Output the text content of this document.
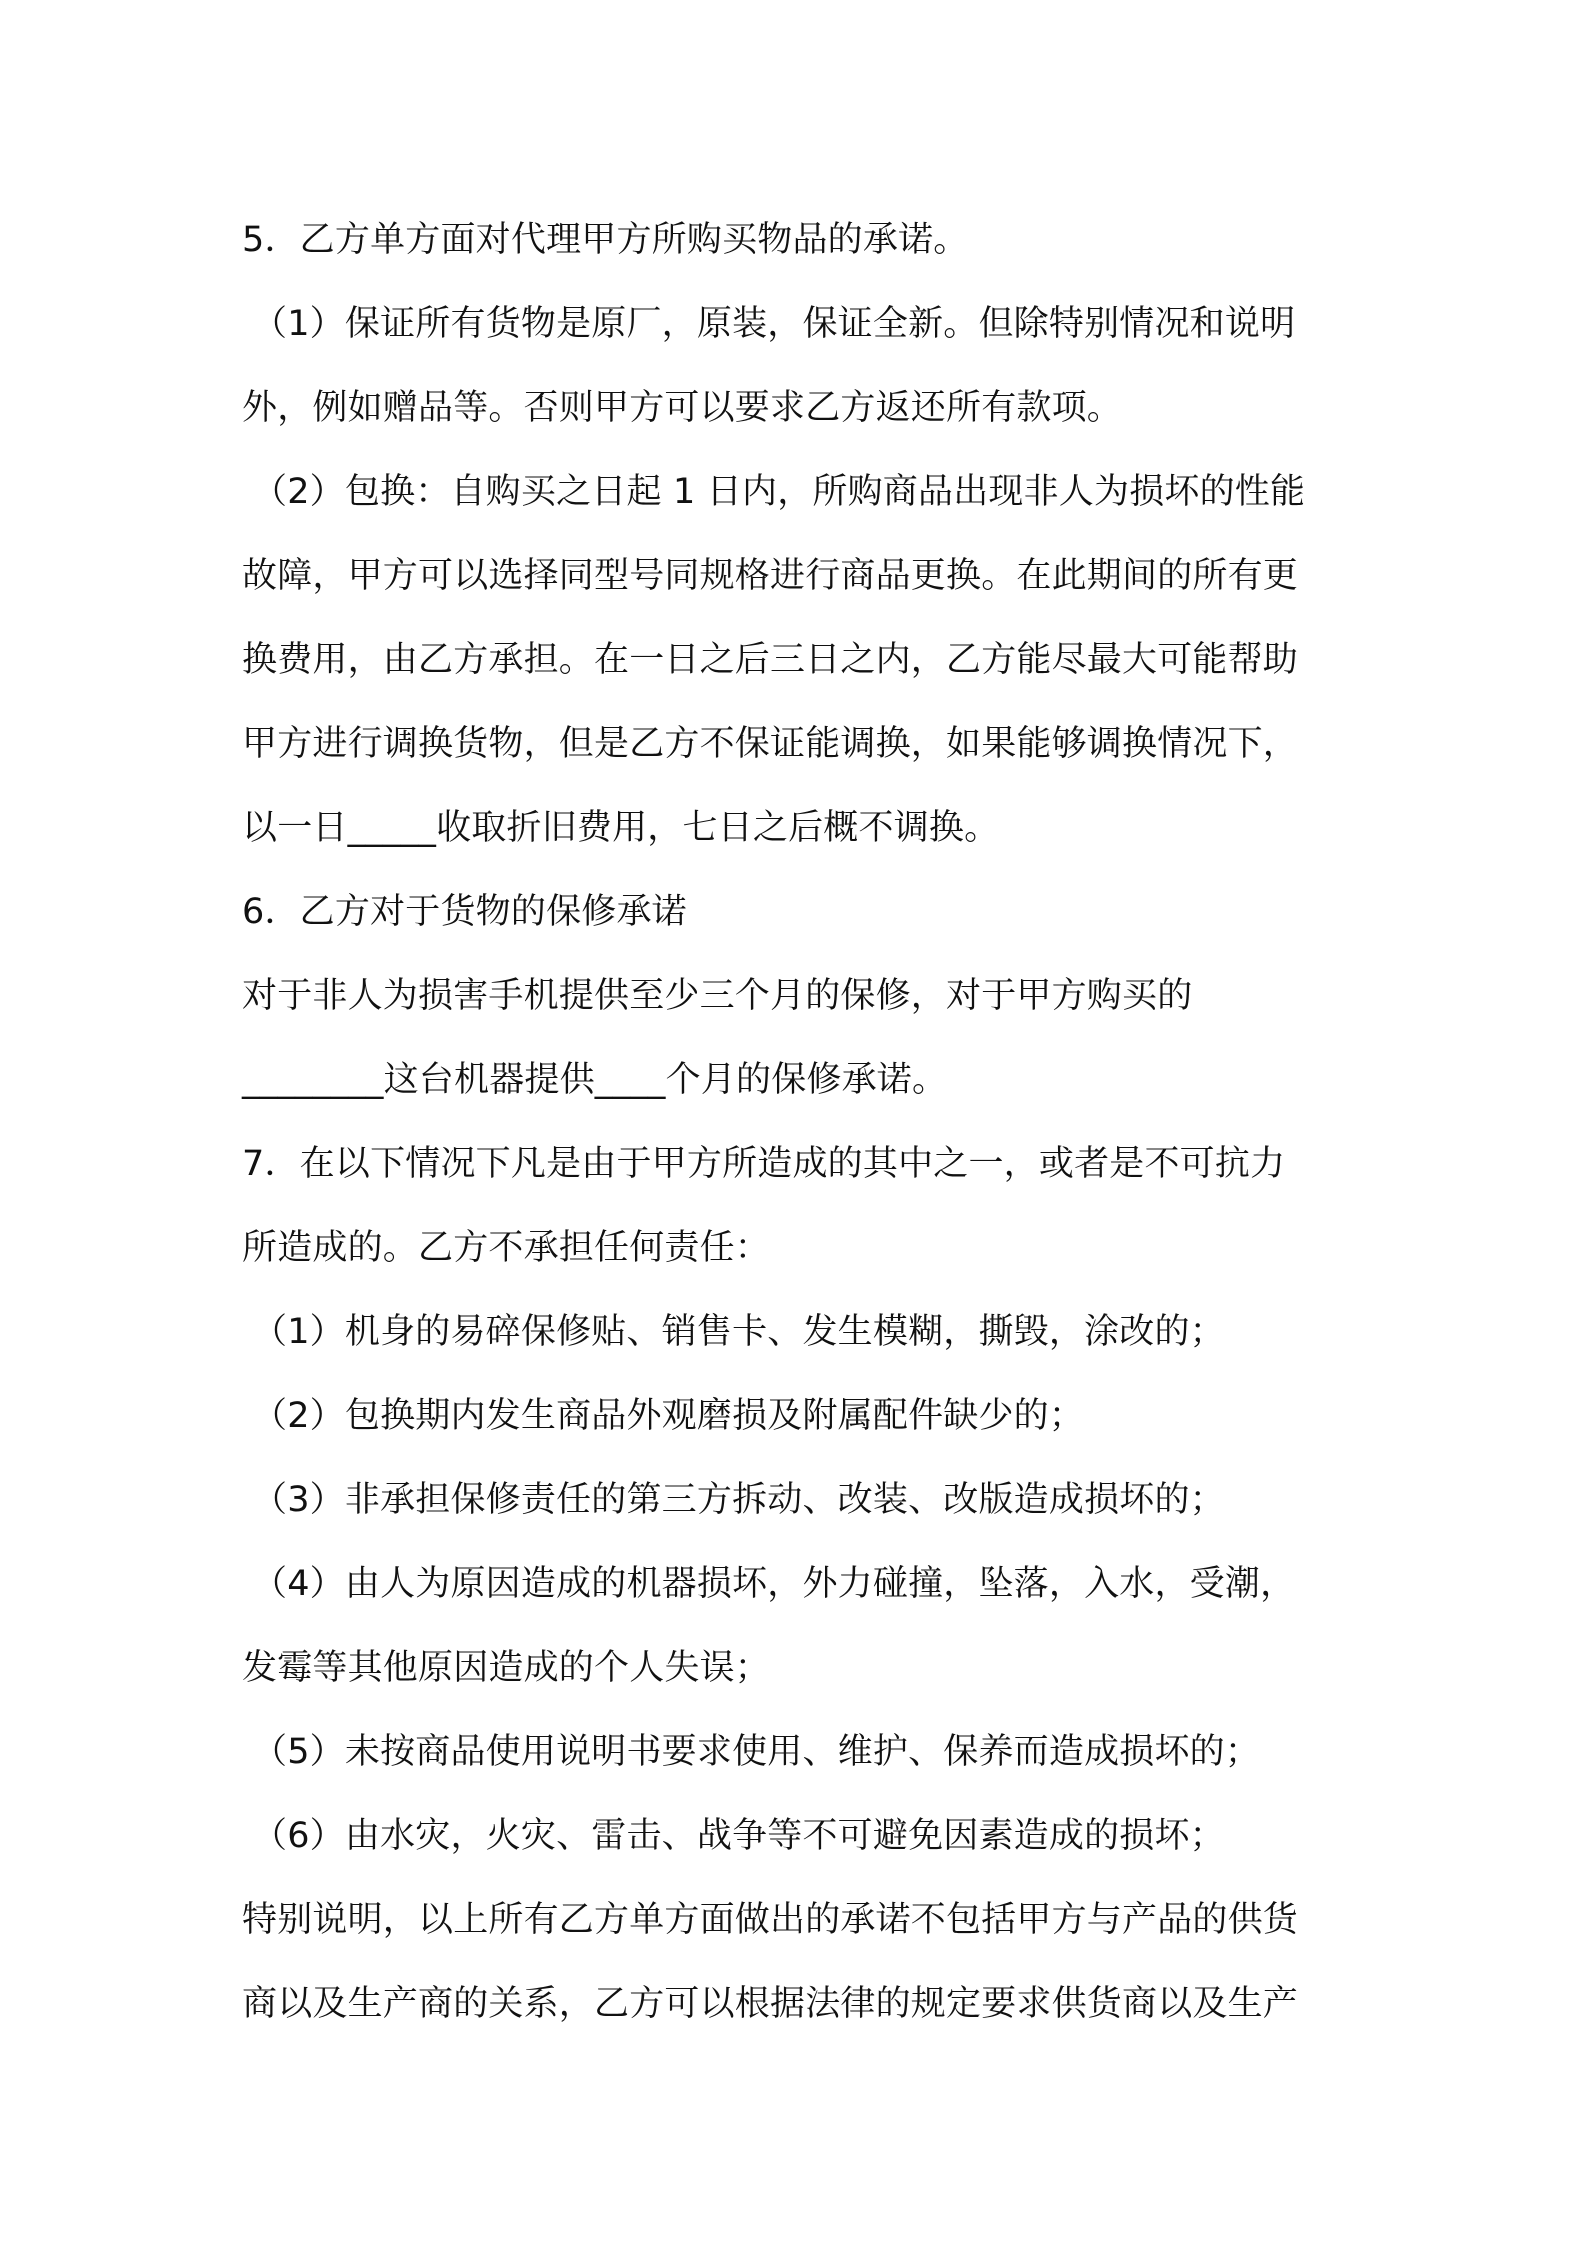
5．乙方单方面对代理甲方所购买物品的承诺。
（1）保证所有货物是原厂，原装，保证全新。但除特别情况和说明
外，例如赠品等。否则甲方可以要求乙方返还所有款项。
（2）包换：自购买之日起 1 日内，所购商品出现非人为损坏的性能
故障，甲方可以选择同型号同规格进行商品更换。在此期间的所有更
换费用，由乙方承担。在一日之后三日之内，乙方能尽最大可能帮助
甲方进行调换货物，但是乙方不保证能调换，如果能够调换情况下，
以一日_____收取折旧费用，七日之后概不调换。
6．乙方对于货物的保修承诺
对于非人为损害手机提供至少三个月的保修，对于甲方购买的
________这台机器提供____个月的保修承诺。
7．在以下情况下凡是由于甲方所造成的其中之一，或者是不可抗力
所造成的。乙方不承担任何责任：
（1）机身的易碎保修贴、销售卡、发生模糊，撕毁，涂改的；
（2）包换期内发生商品外观磨损及附属配件缺少的；
（3）非承担保修责任的第三方拆动、改装、改版造成损坏的；
（4）由人为原因造成的机器损坏，外力碰撞，坠落，入水，受潮，
发霉等其他原因造成的个人失误；
（5）未按商品使用说明书要求使用、维护、保养而造成损坏的；
（6）由水灾，火灾、雷击、战争等不可避免因素造成的损坏；
特别说明，以上所有乙方单方面做出的承诺不包括甲方与产品的供货
商以及生产商的关系，乙方可以根据法律的规定要求供货商以及生产
